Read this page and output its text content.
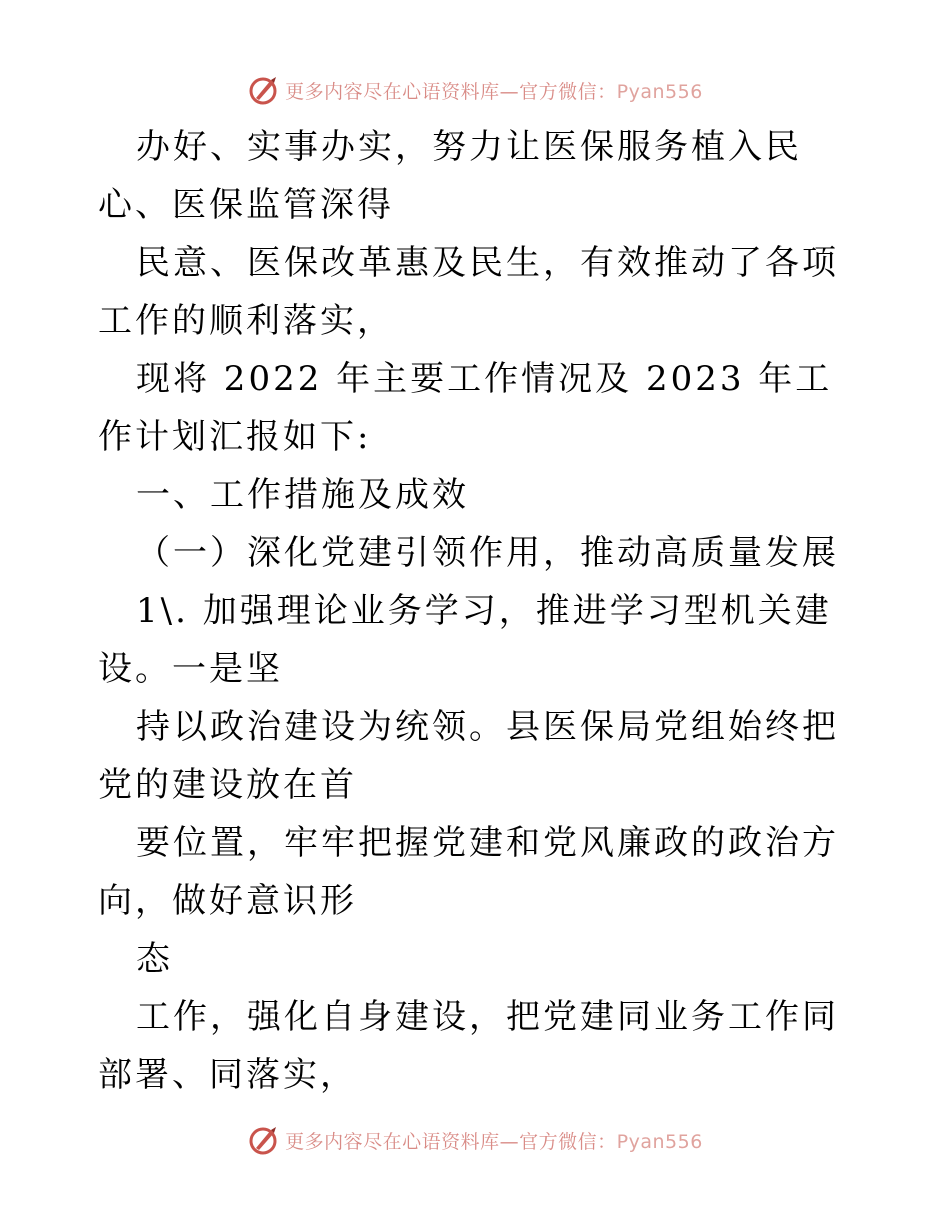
更多内容尽在心语资料库—官方微信：Pyan556

办好、实事办实，努力让医保服务植入民心、医保监管深得

民意、医保改革惠及民生，有效推动了各项工作的顺利落实，

现将 2022 年主要工作情况及 2023 年工作计划汇报如下:

一、工作措施及成效

（一）深化党建引领作用，推动高质量发展

1\. 加强理论业务学习，推进学习型机关建设。一是坚

持以政治建设为统领。县医保局党组始终把党的建设放在首

要位置，牢牢把握党建和党风廉政的政治方向，做好意识形

态

工作，强化自身建设，把党建同业务工作同部署、同落实，

更多内容尽在心语资料库—官方微信：Pyan556
